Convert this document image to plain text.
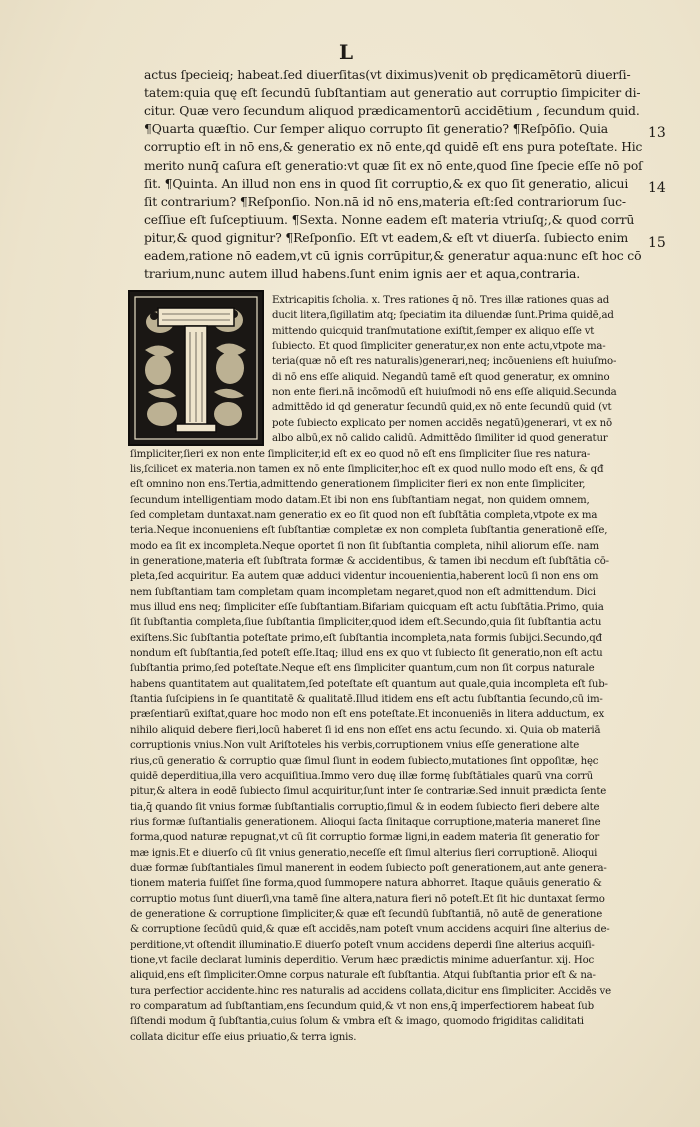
L
actus ſpecieiq; habeat.ſed diuerſitas(vt diximus)venit ob prędicamētorū diuerſi-
tatem:quia quę eſt ſecundū ſubſtantiam aut generatio aut corruptio ſimpiciter di-
citur. Quæ vero ſecundum aliquod prædicamentorū accidētium , ſecundum quid.
¶Quarta quæſtio. Cur ſemper aliquo corrupto ſit generatio? ¶Reſpōſio. Quia
corruptio eſt in nō ens,& generatio ex nō ente,qd quidē eſt ens pura poteſtate. Hic
merito nunq̄ caſura eſt generatio:vt quæ ſit ex nō ente,quod ſine ſpecie eſſe nō poſ
ſit. ¶Quinta. An illud non ens in quod ſit corruptio,& ex quo ſit generatio, alicui
ſit contrarium? ¶Reſponſio. Non.nā id nō ens,materia eſt:ſed contrariorum ſuc-
ceſſiue eſt ſuſceptiuum. ¶Sexta. Nonne eadem eſt materia vtriuſq;,& quod corrū
pitur,& quod gignitur? ¶Reſponſio. Eſt vt eadem,& eſt vt diuerſa. ſubiecto enim
eadem,ratione nō eadem,vt cū ignis corrūpitur,& generatur aqua:nunc eſt hoc cō
trarium,nunc autem illud habens.ſunt enim ignis aer et aqua,contraria.
13
14
15
Extricapitis ſcholia. x. Tres rationes q̄ nō. Tres illæ rationes quas ad
ducit litera,ſigillatim atq; ſpeciatim ita diluendæ ſunt.Prima quidē,ad
mittendo quicquid tranſmutatione exiſtit,ſemper ex aliquo eſſe vt
ſubiecto. Et quod ſimpliciter generatur,ex non ente actu,vtpote ma-
teria(quæ nō eſt res naturalis)generari,neq; incōueniens eſt huiuſmo-
di nō ens eſſe aliquid. Negandū tamē eſt quod generatur, ex omnino
non ente fieri.nā incōmodū eſt huiuſmodi nō ens eſſe aliquid.Secunda
admittēdo id qd generatur ſecundū quid,ex nō ente ſecundū quid (vt
pote ſubiecto explicato per nomen accidēs negatū)generari, vt ex nō
albo albū,ex nō calido calidū. Admittēdo ſimiliter id quod generatur
ſimpliciter,ſieri ex non ente ſimpliciter,id eſt ex eo quod nō eſt ens ſimpliciter ſiue res natura-
lis,ſcilicet ex materia.non tamen ex nō ente ſimpliciter,hoc eſt ex quod nullo modo eſt ens, & qđ
eſt omnino non ens.Tertia,admittendo generationem ſimpliciter fieri ex non ente ſimpliciter,
ſecundum intelligentiam modo datam.Et ibi non ens ſubſtantiam negat, non quidem omnem,
ſed completam duntaxat.nam generatio ex eo ſit quod non eſt ſubſtātia completa,vtpote ex ma
teria.Neque inconueniens eſt ſubſtantiæ completæ ex non completa ſubſtantia generationē eſſe,
modo ea ſit ex incompleta.Neque oportet ſi non ſit ſubſtantia completa, nihil aliorum eſſe. nam
in generatione,materia eſt ſubſtrata formæ & accidentibus, & tamen ibi necdum eſt ſubſtātia cō-
pleta,ſed acquiritur. Ea autem quæ adduci videntur incouenientia,haberent locū ſi non ens om
nem ſubſtantiam tam completam quam incompletam negaret,quod non eſt admittendum. Dici
mus illud ens neq; ſimpliciter eſſe ſubſtantiam.Bifariam quicquam eſt actu ſubſtātia.Primo, quia
ſit ſubſtantia completa,ſiue ſubſtantia ſimpliciter,quod idem eſt.Secundo,quia ſit ſubſtantia actu
exiſtens.Sic ſubſtantia poteſtate primo,eſt ſubſtantia incompleta,nata formis ſubijci.Secundo,qđ
nondum eſt ſubſtantia,ſed poteſt eſſe.Itaq; illud ens ex quo vt ſubiecto ſit generatio,non eſt actu
ſubſtantia primo,ſed poteſtate.Neque eſt ens ſimpliciter quantum,cum non ſit corpus naturale
habens quantitatem aut qualitatem,ſed poteſtate eſt quantum aut quale,quia incompleta eſt ſub-
ſtantia ſuſcipiens in ſe quantitatē & qualitatē.Illud itidem ens eſt actu ſubſtantia ſecundo,cū im-
præſentiarū exiſtat,quare hoc modo non eſt ens poteſtate.Et inconueniēs in litera adductum, ex
nihilo aliquid debere fieri,locū haberet ſi id ens non eſſet ens actu ſecundo. xi. Quia ob materiā
corruptionis vnius.Non vult Ariſtoteles his verbis,corruptionem vnius eſſe generatione alte
rius,cū generatio & corruptio quæ ſimul ſiunt in eodem ſubiecto,mutationes ſint oppoſitæ, hęc
quidē deperditiua,illa vero acquiſitiua.Immo vero duę illæ formę ſubſtātiales quarū vna corrū
pitur,& altera in eodē ſubiecto ſimul acquiritur,ſunt inter ſe contrariæ.Sed innuit prædicta ſente
tia,q̄ quando ſit vnius formæ ſubſtantialis corruptio,ſimul & in eodem ſubiecto fieri debere alte
rius formæ ſuſtantialis generationem. Alioqui ſacta ſinitaque corruptione,materia maneret ſine
forma,quod naturæ repugnat,vt cū ſit corruptio formæ ligni,in eadem materia ſit generatio for
mæ ignis.Et e diuerſo cū ſit vnius generatio,neceſſe eſt ſimul alterius ſieri corruptionē. Alioqui
duæ formæ ſubſtantiales ſimul manerent in eodem ſubiecto poſt generationem,aut ante genera-
tionem materia fuiſſet ſine forma,quod ſummopere natura abhorret. Itaque quāuis generatio &
corruptio motus ſunt diuerſi,vna tamē ſine altera,natura fieri nō poteſt.Et ſit hic duntaxat ſermo
de generatione & corruptione ſimpliciter,& quæ eſt ſecundū ſubſtantiā, nō autē de generatione
& corruptione ſecūdū quid,& quæ eſt accidēs,nam poteſt vnum accidens acquiri ſine alterius de-
perditione,vt oſtendit illuminatio.E diuerſo poteſt vnum accidens deperdi ſine alterius acquiſi-
tione,vt facile declarat luminis deperditio. Verum hæc prædictis minime aduerſantur. xij. Hoc
aliquid,ens eſt ſimpliciter.Omne corpus naturale eſt ſubſtantia. Atqui ſubſtantia prior eſt & na-
tura perfectior accidente.hinc res naturalis ad accidens collata,dicitur ens ſimpliciter. Accidēs ve
ro comparatum ad ſubſtantiam,ens ſecundum quid,& vt non ens,q̄ imperfectiorem habeat ſub
ſiſtendi modum q̄ ſubſtantia,cuius ſolum & vmbra eſt & imago, quomodo frigiditas caliditati
collata dicitur eſſe eius priuatio,& terra ignis.
